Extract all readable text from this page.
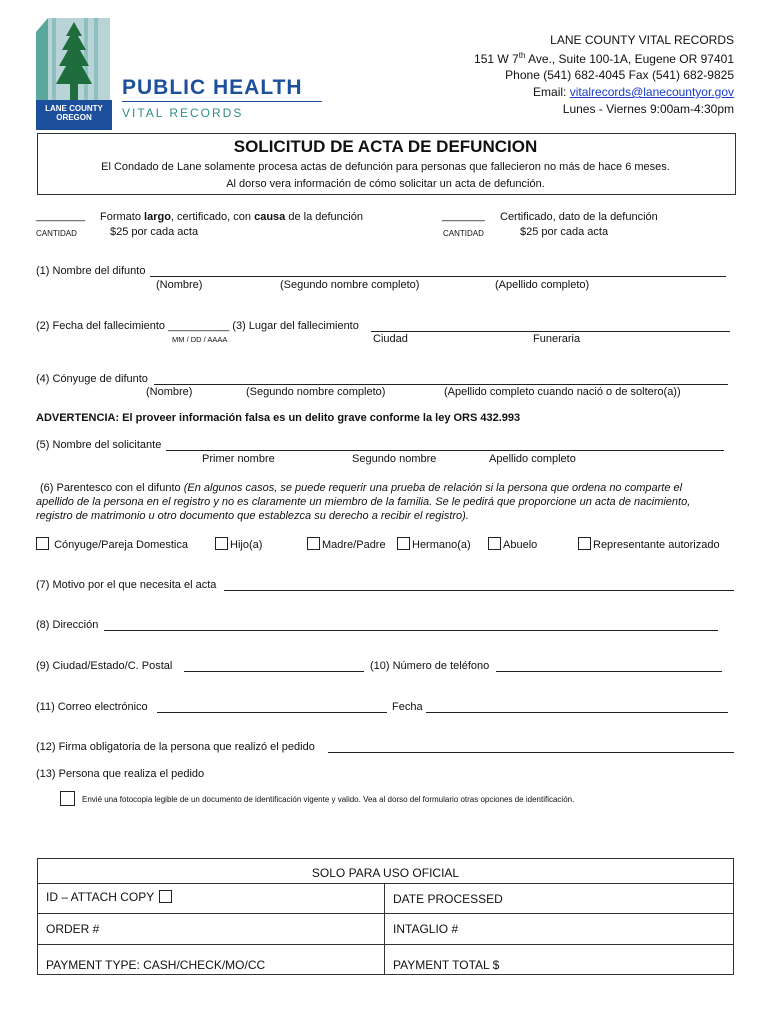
LANE COUNTY OREGON
PUBLIC HEALTH
VITAL RECORDS
LANE COUNTY VITAL RECORDS
151 W 7th Ave., Suite 100-1A, Eugene OR 97401
Phone (541) 682-4045 Fax (541) 682-9825
Email: vitalrecords@lanecountyor.gov
Lunes - Viernes 9:00am-4:30pm
SOLICITUD DE ACTA DE DEFUNCION
El Condado de Lane solamente procesa actas de defunción para personas que fallecieron no más de hace 6 meses.
Al dorso vera información de cómo solicitar un acta de defunción.
________
CANTIDAD
Formato largo, certificado, con causa de la defunción
$25 por cada acta
_______
CANTIDAD
Certificado, dato de la defunción
$25 por cada acta
(1) Nombre del difunto
(Nombre)	(Segundo nombre completo)	(Apellido completo)
(2) Fecha del fallecimiento __________ (3) Lugar del fallecimiento
MM / DD / AAAA	Ciudad	Funeraria
(4) Cónyuge de difunto
(Nombre)	(Segundo nombre completo)	(Apellido completo cuando nació o de soltero(a))
ADVERTENCIA: El proveer información falsa es un delito grave conforme la ley ORS 432.993
(5) Nombre del solicitante
Primer nombre	Segundo nombre	Apellido completo
(6) Parentesco con el difunto (En algunos casos, se puede requerir una prueba de relación si la persona que ordena no comparte el
apellido de la persona en el registro y no es claramente un miembro de la familia. Se le pedirá que proporcione un acta de nacimiento,
registro de matrimonio u otro documento que establezca su derecho a recibir el registro).
Cónyuge/Pareja Domestica	Hijo(a)	Madre/Padre	Hermano(a)	Abuelo	Representante autorizado
(7) Motivo por el que necesita el acta
(8) Dirección
(9) Ciudad/Estado/C. Postal	(10) Número de teléfono
(11) Correo electrónico	Fecha
(12) Firma obligatoria de la persona que realizó el pedido
(13) Persona que realiza el pedido
Envié una fotocopia legible de un documento de identificación vigente y valido. Vea al dorso del formulario otras opciones de identificación.
SOLO PARA USO OFICIAL
ID – ATTACH COPY	DATE PROCESSED
ORDER #	INTAGLIO #
PAYMENT TYPE: CASH/CHECK/MO/CC	PAYMENT TOTAL $
